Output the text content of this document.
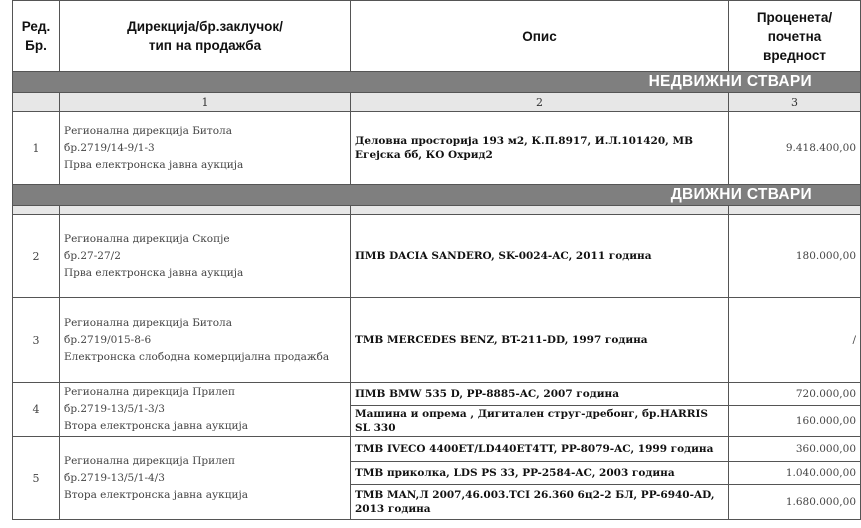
Ред. Бр.	Дирекција/бр.заклучок/
тип на продажба	Опис	Проценета/
почетна
вредност
НЕДВИЖНИ СТВАРИ			
	1	2	3
1	Регионална дирекција Битола
бр.2719/14-9/1-3
Прва електронска јавна аукција	Деловна просторија 193 м2, К.П.8917, И.Л.101420, МВ Егејска бб, КО Охрид2	9.418.400,00
ДВИЖНИ СТВАРИ			

2	Регионална дирекција Скопје
бр.27-27/2
Прва електронска јавна аукција	ПМВ DACIA SANDERO, SK-0024-AC, 2011 година	180.000,00
3	Регионална дирекција Битола
бр.2719/015-8-6
Електронска слободна комерцијална продажба	ТМВ MERCEDES BENZ, BT-211-DD, 1997 година	/
4	Регионална дирекција Прилеп
бр.2719-13/5/1-3/3
Втора електронска јавна аукција	ПМВ BMW 535 D, PP-8885-AC, 2007 година	720.000,00
		Машина и опрема , Дигитален струг-дребонг, бр.HARRIS SL 330	160.000,00
5	Регионална дирекција Прилеп
бр.2719-13/5/1-4/3
Втора електронска јавна аукција	ТМВ IVECO 4400ET/LD440ET4TT, PP-8079-AC, 1999 година	360.000,00
		ТМВ приколка, LDS PS 33, PP-2584-AC, 2003 година	1.040.000,00
		ТМВ MAN,Л 2007,46.003.TCI 26.360 6ц2-2 БЛ, PP-6940-AD, 2013 година	1.680.000,00
